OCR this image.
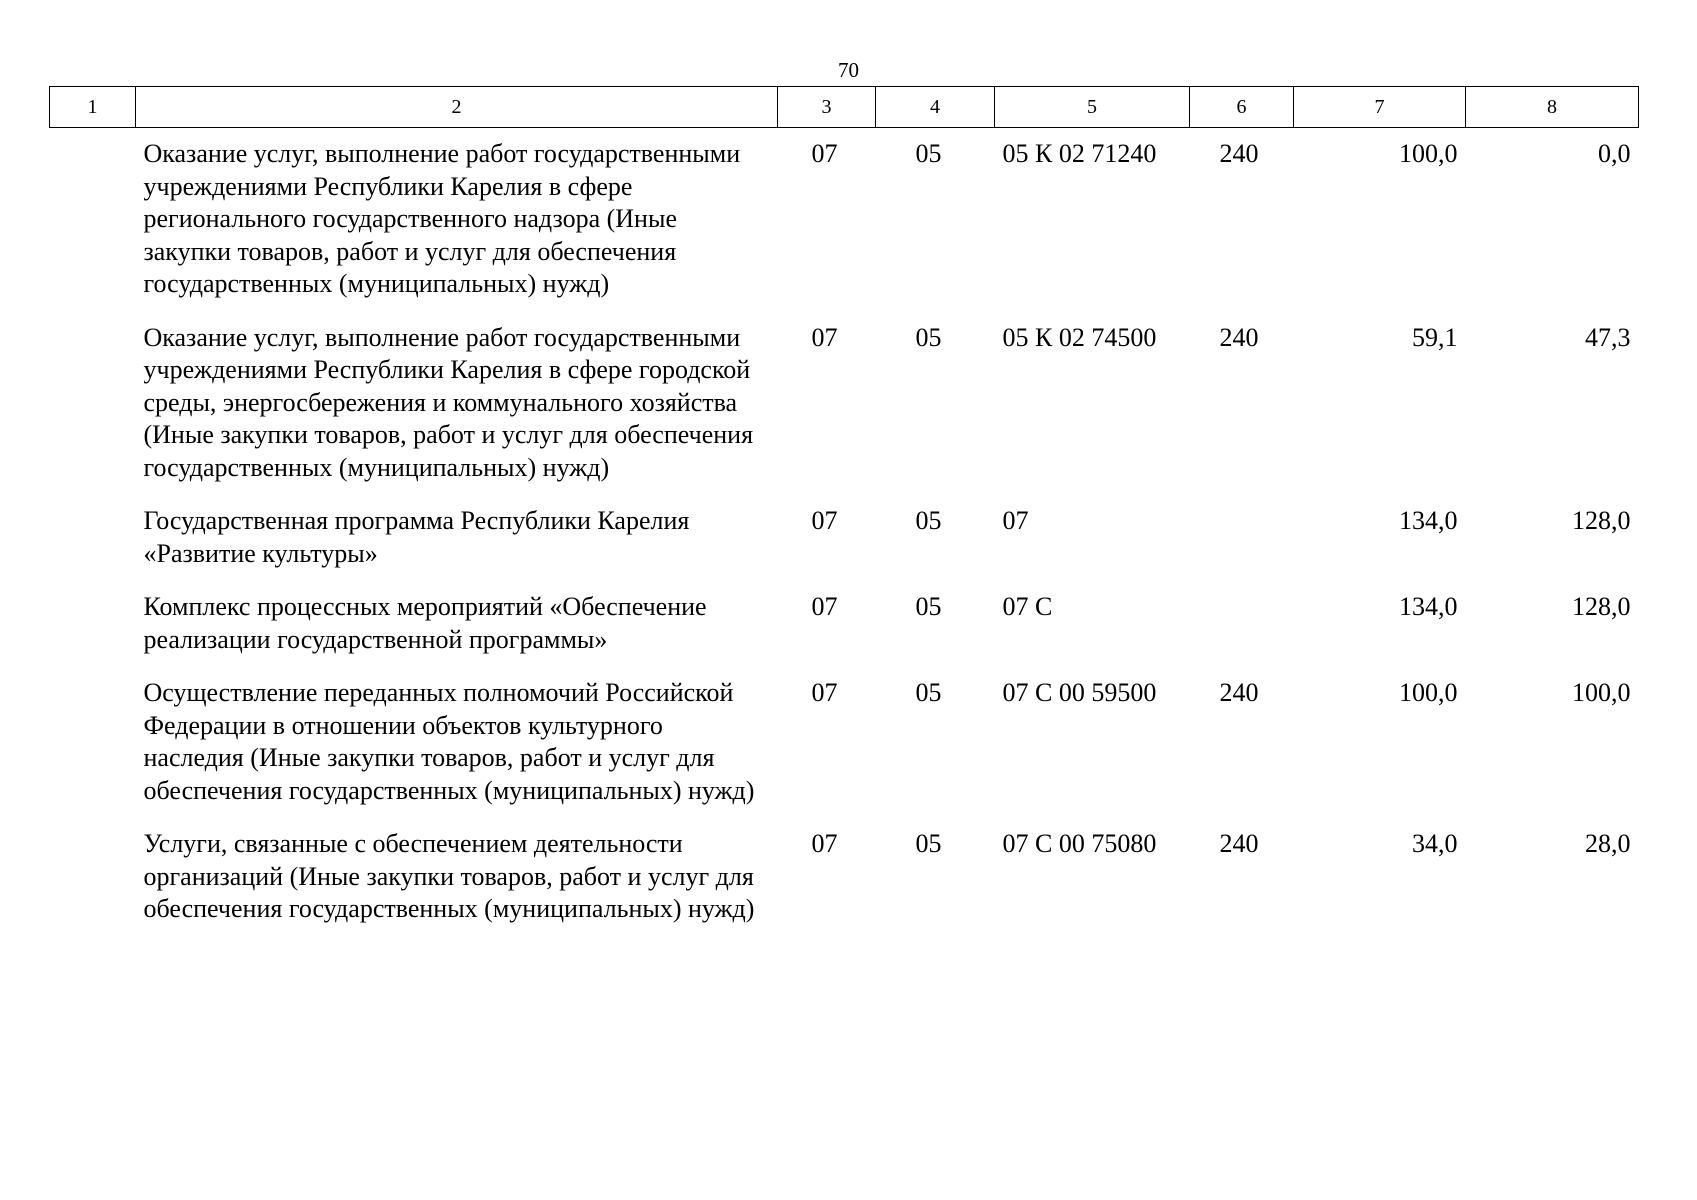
70
1	2	3	4	5	6	7	8
	Оказание услуг, выполнение работ государственными учреждениями Республики Карелия в сфере регионального государственного надзора (Иные закупки товаров, работ и услуг для обеспечения государственных (муниципальных) нужд)	07	05	05 К 02 71240	240	100,0	0,0
	Оказание услуг, выполнение работ государственными учреждениями Республики Карелия в сфере городской среды, энергосбережения и коммунального хозяйства (Иные закупки товаров, работ и услуг для обеспечения государственных (муниципальных) нужд)	07	05	05 К 02 74500	240	59,1	47,3
	Государственная программа Республики Карелия «Развитие культуры»	07	05	07		134,0	128,0
	Комплекс процессных мероприятий «Обеспечение реализации государственной программы»	07	05	07 С		134,0	128,0
	Осуществление переданных полномочий Российской Федерации в отношении объектов культурного наследия (Иные закупки товаров, работ и услуг для обеспечения государственных (муниципальных) нужд)	07	05	07 С 00 59500	240	100,0	100,0
	Услуги, связанные с обеспечением деятельности организаций (Иные закупки товаров, работ и услуг для обеспечения государственных (муниципальных) нужд)	07	05	07 С 00 75080	240	34,0	28,0
